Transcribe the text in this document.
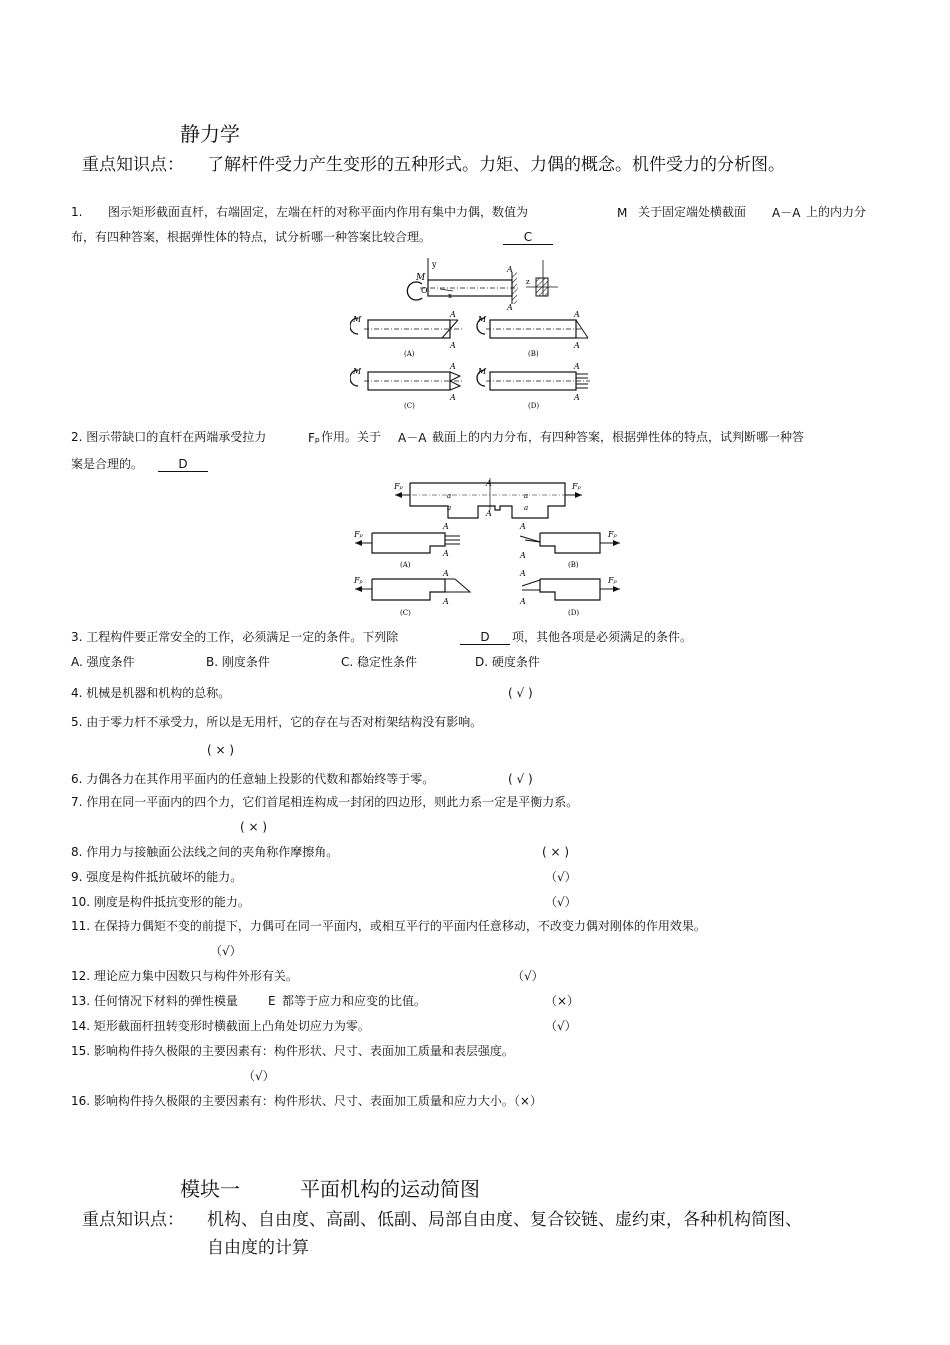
静力学
重点知识点： 了解杆件受力产生变形的五种形式。力矩、力偶的概念。机件受力的分析图。
1. 图示矩形截面直杆，右端固定，左端在杆的对称平面内作用有集中力偶，数值为	M 关于固定端处横截面 A－A 上的内力分
布，有四种答案，根据弹性体的特点，试分析哪一种答案比较合理。	C
y
M
O
x
A
A
z
M
A
A
(A)
M
A
A
(B)
M
A
A
(C)
M
A
A
(D)
2. 图示带缺口的直杆在两端承受拉力	Fₚ 作用。关于 A－A 截面上的内力分布，有四种答案，根据弹性体的特点，试判断哪一种答
案是合理的。	D
Fₚ	Fₚ
A
A
a
a
a
a
Fₚ
A
A
(A)
A
A
Fₚ
(B)
Fₚ
A
A
(C)
A
A
Fₚ
(D)
3. 工程构件要正常安全的工作，必须满足一定的条件。下列除	D	项，其他各项是必须满足的条件。
A. 强度条件	B. 刚度条件	C. 稳定性条件	D. 硬度条件
4. 机械是机器和机构的总称。	( √ )
5. 由于零力杆不承受力，所以是无用杆，它的存在与否对桁架结构没有影响。
( × )
6. 力偶各力在其作用平面内的任意轴上投影的代数和都始终等于零。	( √ )
7. 作用在同一平面内的四个力，它们首尾相连构成一封闭的四边形，则此力系一定是平衡力系。
( × )
8. 作用力与接触面公法线之间的夹角称作摩擦角。	( × )
9. 强度是构件抵抗破坏的能力。	（√）
10. 刚度是构件抵抗变形的能力。	（√）
11. 在保持力偶矩不变的前提下，力偶可在同一平面内，或相互平行的平面内任意移动，不改变力偶对刚体的作用效果。
（√）
12. 理论应力集中因数只与构件外形有关。	（√）
13. 任何情况下材料的弹性模量	E 都等于应力和应变的比值。	（×）
14. 矩形截面杆扭转变形时横截面上凸角处切应力为零。	（√）
15. 影响构件持久极限的主要因素有：构件形状、尺寸、表面加工质量和表层强度。
（√）
16. 影响构件持久极限的主要因素有：构件形状、尺寸、表面加工质量和应力大小。（×）
模块一	平面机构的运动简图
重点知识点： 机构、自由度、高副、低副、局部自由度、复合铰链、虚约束，各种机构简图、
自由度的计算
